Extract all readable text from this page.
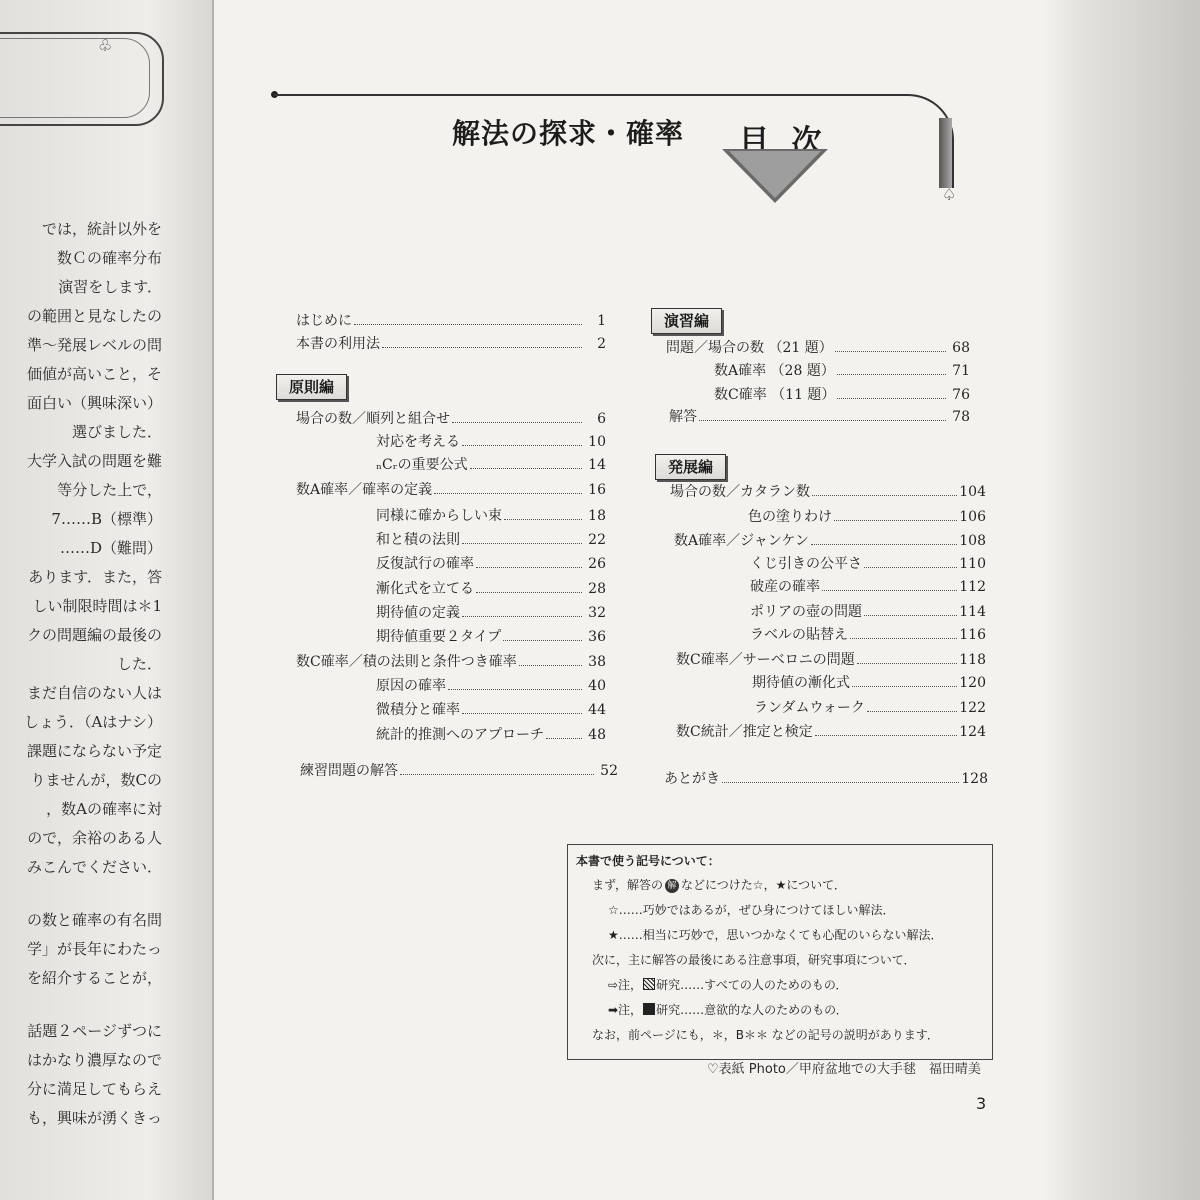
♧
では，統計以外を
数Ｃの確率分布
演習をします．
の範囲と見なしたの
準〜発展レベルの問
価値が高いこと，そ
面白い（興味深い）
選びました．
大学入試の問題を難
等分した上で，
7……B（標準）
……D（難問）
あります．また，答
しい制限時間は＊1
クの問題編の最後の
した．
まだ自信のない人は
しょう．（Aはナシ）
課題にならない予定
りませんが，数Cの
，数Aの確率に対
ので，余裕のある人
みこんでください．
の数と確率の有名問
学」が長年にわたっ
を紹介することが，
話題２ページずつに
はかなり濃厚なので
分に満足してもらえ
も，興味が湧くきっ
♤
解法の探求・確率 目 次
はじめに	1
本書の利用法	2
場合の数／順列と組合せ	6
対応を考える	10
ₙCᵣの重要公式	14
数A確率／確率の定義	16
同様に確からしい束	18
和と積の法則	22
反復試行の確率	26
漸化式を立てる	28
期待値の定義	32
期待値重要２タイプ	36
数C確率／積の法則と条件つき確率	38
原因の確率	40
微積分と確率	44
統計的推測へのアプローチ	48
練習問題の解答	52
原則編
問題／場合の数 （21 題）	68
数A確率 （28 題）	71
数C確率 （11 題）	76
解答	78
場合の数／カタラン数	104
色の塗りわけ	106
数A確率／ジャンケン	108
くじ引きの公平さ	110
破産の確率	112
ポリアの壺の問題	114
ラベルの貼替え	116
数C確率／サーベロニの問題	118
期待値の漸化式	120
ランダムウォーク	122
数C統計／推定と検定	124
あとがき	128
演習編
発展編
本書で使う記号について：
まず，解答の 解 などにつけた☆，★について．
☆……巧妙ではあるが，ぜひ身につけてほしい解法．
★……相当に巧妙で，思いつかなくても心配のいらない解法．
次に，主に解答の最後にある注意事項，研究事項について．
⇨注， 研究……すべての人のためのもの．
➡注， 研究……意欲的な人のためのもの．
なお，前ページにも，＊，B＊＊ などの記号の説明があります．
♡表紙 Photo／甲府盆地での大手毬　福田晴美
3
